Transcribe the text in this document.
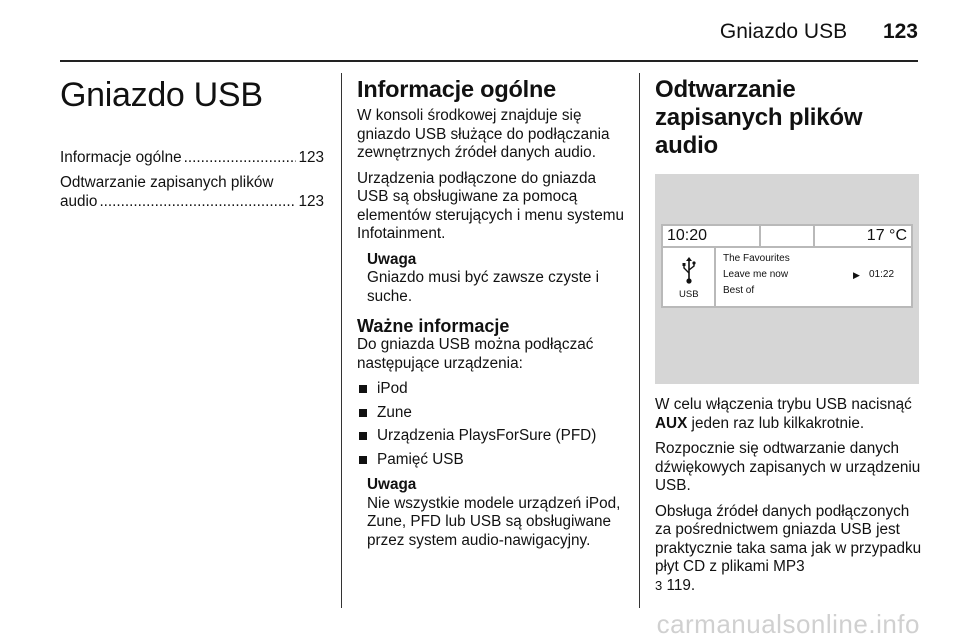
Gniazdo USB 123
Gniazdo USB
Informacje ogólne .....	123
Odtwarzanie zapisanych plików
audio .....	123
Informacje ogólne

W konsoli środkowej znajduje się gniazdo USB służące do podłączania zewnętrznych źródeł danych audio.

Urządzenia podłączone do gniazda USB są obsługiwane za pomocą elementów sterujących i menu systemu Infotainment.

Uwaga
Gniazdo musi być zawsze czyste i suche.
Ważne informacje

Do gniazda USB można podłączać następujące urządzenia:

iPod
Zune
Urządzenia PlaysForSure (PFD)
Pamięć USB
Uwaga
Nie wszystkie modele urządzeń iPod, Zune, PFD lub USB są obsługiwane przez system audio-nawigacyjny.
Odtwarzanie zapisanych plików audio
10:20	17 °C
USB
The Favourites
Leave me now
Best of
▶ 01:22

W celu włączenia trybu USB nacisnąć AUX jeden raz lub kilkakrotnie.

Rozpocznie się odtwarzanie danych dźwiękowych zapisanych w urządzeniu USB.

Obsługa źródeł danych podłączonych za pośrednictwem gniazda USB jest praktycznie taka sama jak w przypadku płyt CD z plikami MP3
3 119.

carmanualsonline.info
